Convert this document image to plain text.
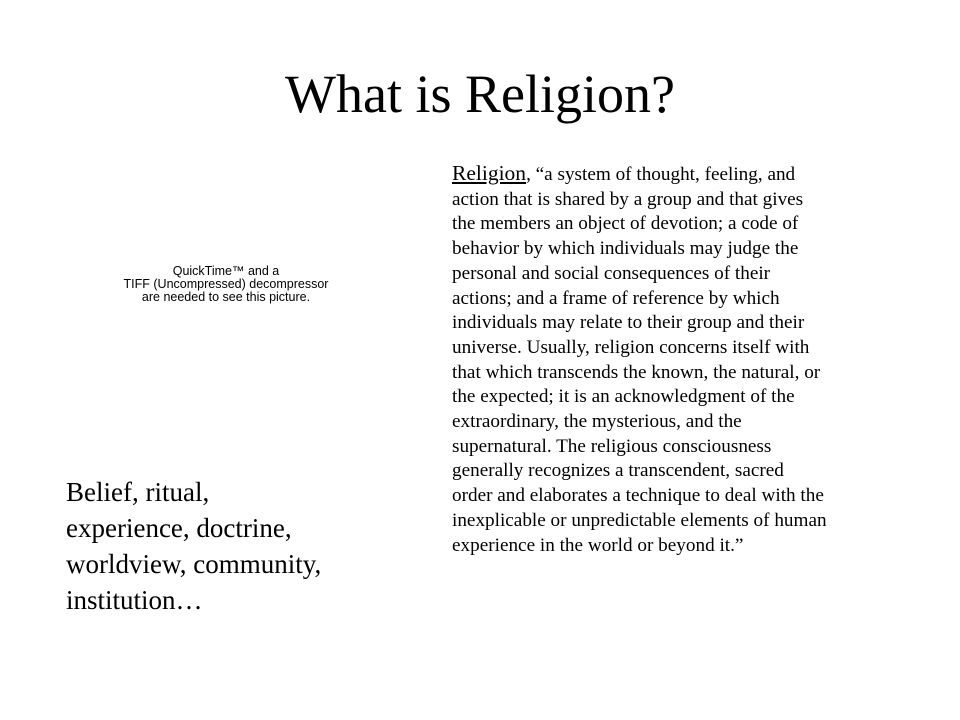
What is Religion?
QuickTime™ and a
TIFF (Uncompressed) decompressor
are needed to see this picture.
Belief, ritual,
experience, doctrine,
worldview, community,
institution…
Religion, “a system of thought, feeling, and
action that is shared by a group and that gives
the members an object of devotion; a code of
behavior by which individuals may judge the
personal and social consequences of their
actions; and a frame of reference by which
individuals may relate to their group and their
universe. Usually, religion concerns itself with
that which transcends the known, the natural, or
the expected; it is an acknowledgment of the
extraordinary, the mysterious, and the
supernatural. The religious consciousness
generally recognizes a transcendent, sacred
order and elaborates a technique to deal with the
inexplicable or unpredictable elements of human
experience in the world or beyond it.”
